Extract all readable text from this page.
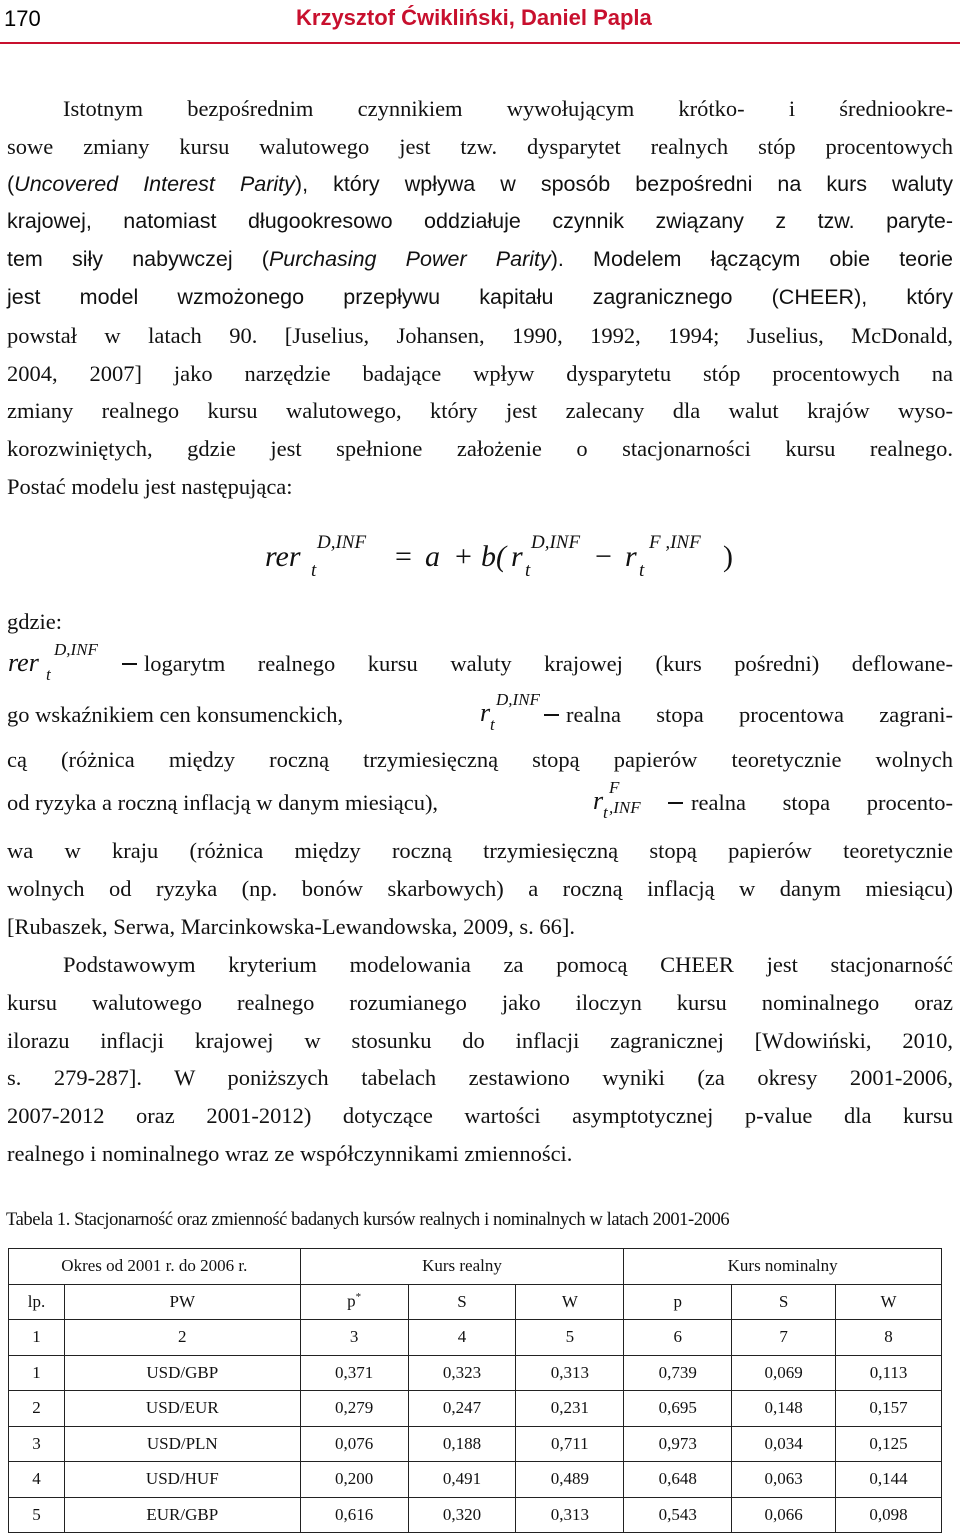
170	Krzysztof Ćwikliński, Daniel Papla
Istotnym bezpośrednim czynnikiem wywołującym krótko- i średniookre-
sowe zmiany kursu walutowego jest tzw. dysparytet realnych stóp procentowych
(Uncovered Interest Parity), który wpływa w sposób bezpośredni na kurs waluty
krajowej, natomiast długookresowo oddziałuje czynnik związany z tzw. paryte-
tem siły nabywczej (Purchasing Power Parity). Modelem łączącym obie teorie
jest model wzmożonego przepływu kapitału zagranicznego (CHEER), który
powstał w latach 90. [Juselius, Johansen, 1990, 1992, 1994; Juselius, McDonald,
2004, 2007] jako narzędzie badające wpływ dysparytetu stóp procentowych na
zmiany realnego kursu walutowego, który jest zalecany dla walut krajów wyso-
korozwiniętych, gdzie jest spełnione założenie o stacjonarności kursu realnego.
Postać modelu jest następująca:
rer t
D,INF = a + b( r t
D,INF − r t
F ,INF )
gdzie:
rer t
D,INF
logarytm realnego kursu waluty krajowej (kurs pośredni) deflowane-
go wskaźnikiem cen konsumenckich,	r t
D,INF
realna stopa procentowa zagrani-
cą (różnica między roczną trzymiesięczną stopą papierów teoretycznie wolnych
od ryzyka a roczną inflacją w danym miesiącu),	r t
F ,INF realna stopa procento-
wa w kraju (różnica między roczną trzymiesięczną stopą papierów teoretycznie
wolnych od ryzyka (np. bonów skarbowych) a roczną inflacją w danym miesiącu)
[Rubaszek, Serwa, Marcinkowska-Lewandowska, 2009, s. 66].
Podstawowym kryterium modelowania za pomocą CHEER jest stacjonarność
kursu walutowego realnego rozumianego jako iloczyn kursu nominalnego oraz
ilorazu inflacji krajowej w stosunku do inflacji zagranicznej [Wdowiński, 2010,
s. 279-287]. W poniższych tabelach zestawiono wyniki (za okresy 2001-2006,
2007-2012 oraz 2001-2012) dotyczące wartości asymptotycznej p-value dla kursu
realnego i nominalnego wraz ze współczynnikami zmienności.
Tabela 1. Stacjonarność oraz zmienność badanych kursów realnych i nominalnych w latach 2001-2006
Okres od 2001 r. do 2006 r.		Kurs realny			Kurs nominalny		
lp.	PW	p*	S	W	p	S	W
1	2	3	4	5	6	7	8
1	USD/GBP	0,371	0,323	0,313	0,739	0,069	0,113
2	USD/EUR	0,279	0,247	0,231	0,695	0,148	0,157
3	USD/PLN	0,076	0,188	0,711	0,973	0,034	0,125
4	USD/HUF	0,200	0,491	0,489	0,648	0,063	0,144
5	EUR/GBP	0,616	0,320	0,313	0,543	0,066	0,098
